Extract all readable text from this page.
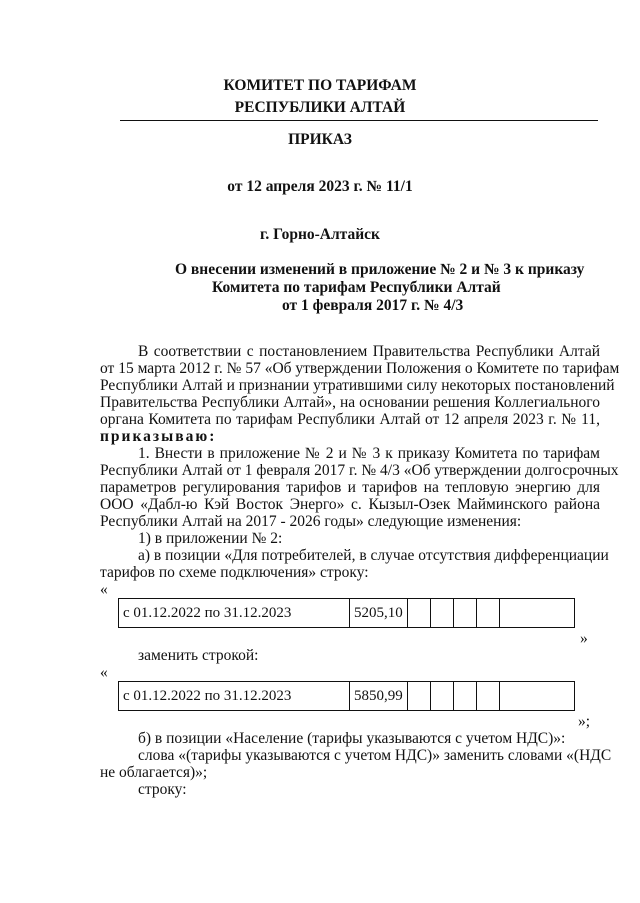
КОМИТЕТ ПО ТАРИФАМ
РЕСПУБЛИКИ АЛТАЙ
ПРИКАЗ
от 12 апреля 2023 г. № 11/1
г. Горно-Алтайск
О внесении изменений в приложение № 2 и № 3 к приказу
Комитета по тарифам Республики Алтай
от 1 февраля 2017 г. № 4/3
В соответствии с постановлением Правительства Республики Алтай
от 15 марта 2012 г. № 57 «Об утверждении Положения о Комитете по тарифам
Республики Алтай и признании утратившими силу некоторых постановлений
Правительства Республики Алтай», на основании решения Коллегиального
органа Комитета по тарифам Республики Алтай от 12 апреля 2023 г. № 11,
приказываю:
1. Внести в приложение № 2 и № 3 к приказу Комитета по тарифам
Республики Алтай от 1 февраля 2017 г. № 4/3 «Об утверждении долгосрочных
параметров регулирования тарифов и тарифов на тепловую энергию для
ООО «Дабл-ю Кэй Восток Энерго» с. Кызыл-Озек Майминского района
Республики Алтай на 2017 - 2026 годы» следующие изменения:
1) в приложении № 2:
а) в позиции «Для потребителей, в случае отсутствия дифференциации
тарифов по схеме подключения» строку:
«
с 01.12.2022 по 31.12.2023	5205,10					
»
заменить строкой:
«
с 01.12.2022 по 31.12.2023	5850,99					
»;
б) в позиции «Население (тарифы указываются с учетом НДС)»:
слова «(тарифы указываются с учетом НДС)» заменить словами «(НДС
не облагается)»;
строку:
